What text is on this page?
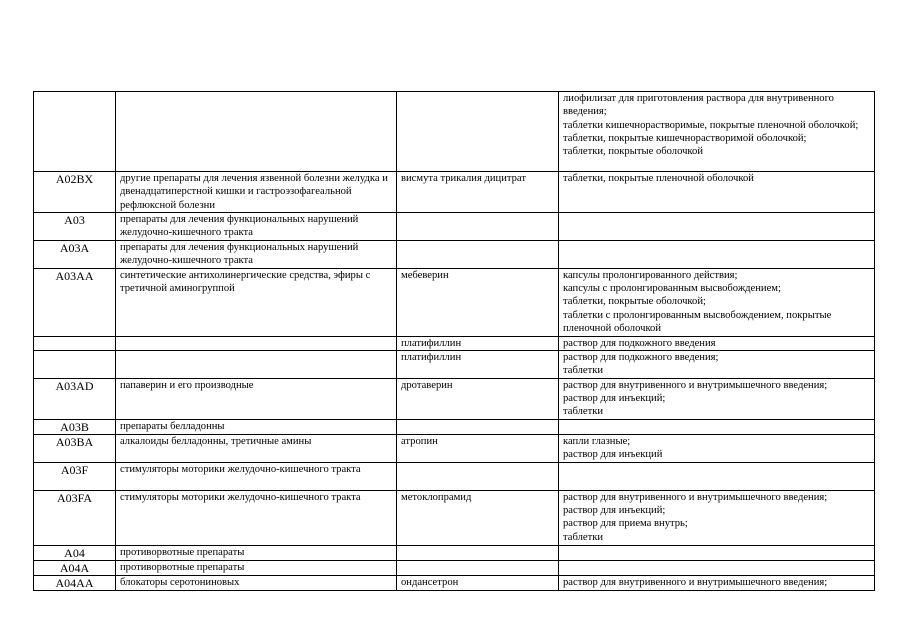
			лиофилизат для приготовления раствора для внутривенного введения;
таблетки кишечнорастворимые, покрытые пленочной оболочкой;
таблетки, покрытые кишечнорастворимой оболочкой;
таблетки, покрытые оболочкой

A02BX	другие препараты для лечения язвенной болезни желудка и двенадцатиперстной кишки и гастроэзофагеальной рефлюксной болезни	висмута трикалия дицитрат	таблетки, покрытые пленочной оболочкой

A03	препараты для лечения функциональных нарушений желудочно-кишечного тракта		
A03A	препараты для лечения функциональных нарушений желудочно-кишечного тракта		
A03AA	синтетические антихолинергические средства, эфиры с третичной аминогруппой	мебеверин	капсулы пролонгированного действия;
капсулы с пролонгированным высвобождением;
таблетки, покрытые оболочкой;
таблетки с пролонгированным высвобождением, покрытые пленочной оболочкой

		платифиллин	раствор для подкожного введения

		платифиллин	раствор для подкожного введения;
таблетки

A03AD	папаверин и его производные	дротаверин	раствор для внутривенного и внутримышечного введения;
раствор для инъекций;
таблетки

A03B	препараты белладонны		
A03BA	алкалоиды белладонны, третичные амины	атропин	капли глазные;
раствор для инъекций

A03F	стимуляторы моторики желудочно-кишечного тракта		
A03FA	стимуляторы моторики желудочно-кишечного тракта	метоклопрамид	раствор для внутривенного и внутримышечного введения;
раствор для инъекций;
раствор для приема внутрь;
таблетки

A04	противорвотные препараты		
A04A	противорвотные препараты		
A04AA	блокаторы серотониновых	ондансетрон	раствор для внутривенного и внутримышечного введения;
